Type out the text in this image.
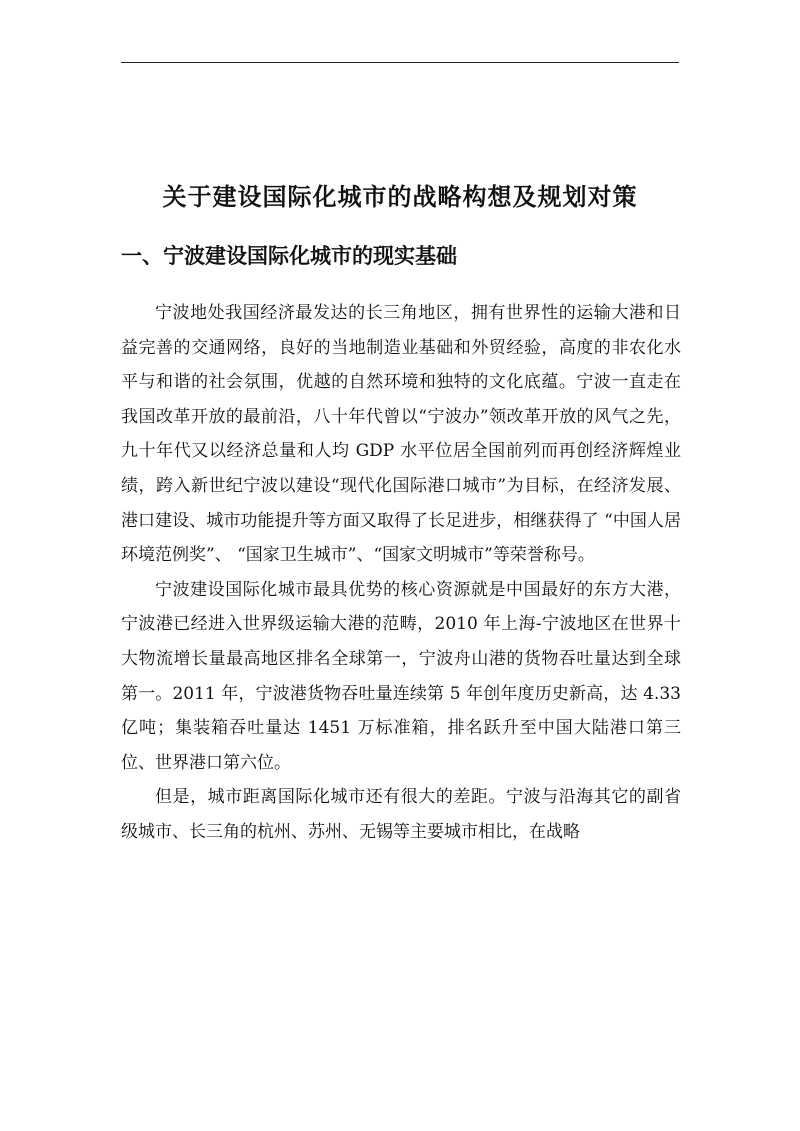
关于建设国际化城市的战略构想及规划对策
一、宁波建设国际化城市的现实基础

宁波地处我国经济最发达的长三角地区，拥有世界性的运输大港和日益完善的交通网络，良好的当地制造业基础和外贸经验，高度的非农化水平与和谐的社会氛围，优越的自然环境和独特的文化底蕴。宁波一直走在我国改革开放的最前沿，八十年代曾以“宁波办”领改革开放的风气之先，九十年代又以经济总量和人均 GDP 水平位居全国前列而再创经济辉煌业绩，跨入新世纪宁波以建设“现代化国际港口城市”为目标，在经济发展、港口建设、城市功能提升等方面又取得了长足进步，相继获得了 “中国人居环境范例奖”、 “国家卫生城市”、“国家文明城市”等荣誉称号。

宁波建设国际化城市最具优势的核心资源就是中国最好的东方大港，宁波港已经进入世界级运输大港的范畴，2010 年上海-宁波地区在世界十大物流增长量最高地区排名全球第一，宁波舟山港的货物吞吐量达到全球第一。2011 年，宁波港货物吞吐量连续第 5 年创年度历史新高，达 4.33 亿吨；集装箱吞吐量达 1451 万标准箱，排名跃升至中国大陆港口第三位、世界港口第六位。

但是，城市距离国际化城市还有很大的差距。宁波与沿海其它的副省级城市、长三角的杭州、苏州、无锡等主要城市相比，在战略
